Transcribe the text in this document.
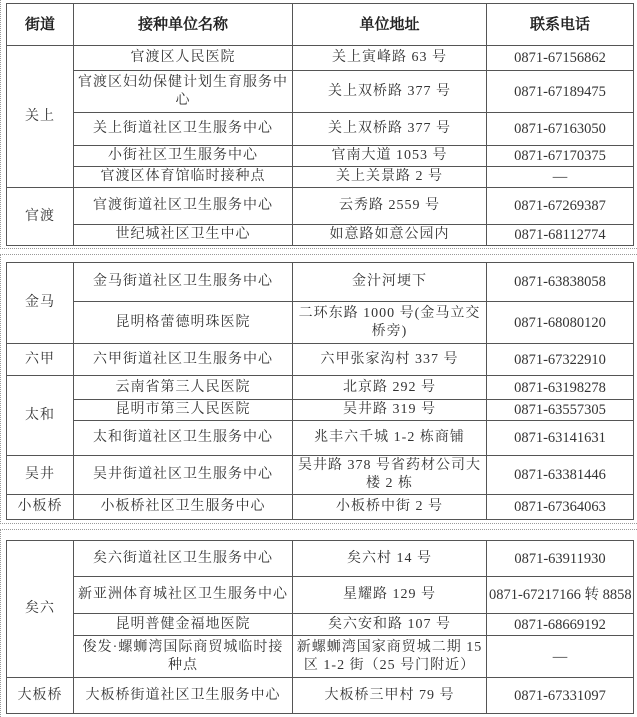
街道	接种单位名称	单位地址	联系电话
关上	官渡区人民医院	关上寅峰路 63 号	0871-67156862
	官渡区妇幼保健计划生育服务中心	关上双桥路 377 号	0871-67189475
	关上街道社区卫生服务中心	关上双桥路 377 号	0871-67163050
	小街社区卫生服务中心	官南大道 1053 号	0871-67170375
	官渡区体育馆临时接种点	关上关景路 2 号	—
官渡	官渡街道社区卫生服务中心	云秀路 2559 号	0871-67269387
	世纪城社区卫生中心	如意路如意公园内	0871-68112774
金马	金马街道社区卫生服务中心	金汁河埂下	0871-63838058
	昆明格蕾德明珠医院	二环东路 1000 号(金马立交桥旁)	0871-68080120
六甲	六甲街道社区卫生服务中心	六甲张家沟村 337 号	0871-67322910
太和	云南省第三人民医院	北京路 292 号	0871-63198278
	昆明市第三人民医院	吴井路 319 号	0871-63557305
	太和街道社区卫生服务中心	兆丰六千城 1-2 栋商铺	0871-63141631
吴井	吴井街道社区卫生服务中心	吴井路 378 号省药材公司大楼 2 栋	0871-63381446
小板桥	小板桥社区卫生服务中心	小板桥中街 2 号	0871-67364063
矣六	矣六街道社区卫生服务中心	矣六村 14 号	0871-63911930
	新亚洲体育城社区卫生服务中心	星耀路 129 号	0871-67217166 转 8858
	昆明普健金福地医院	矣六安和路 107 号	0871-68669192
	俊发·螺蛳湾国际商贸城临时接种点	新螺蛳湾国家商贸城二期 15 区 1-2 街（25 号门附近）	—
大板桥	大板桥街道社区卫生服务中心	大板桥三甲村 79 号	0871-67331097
